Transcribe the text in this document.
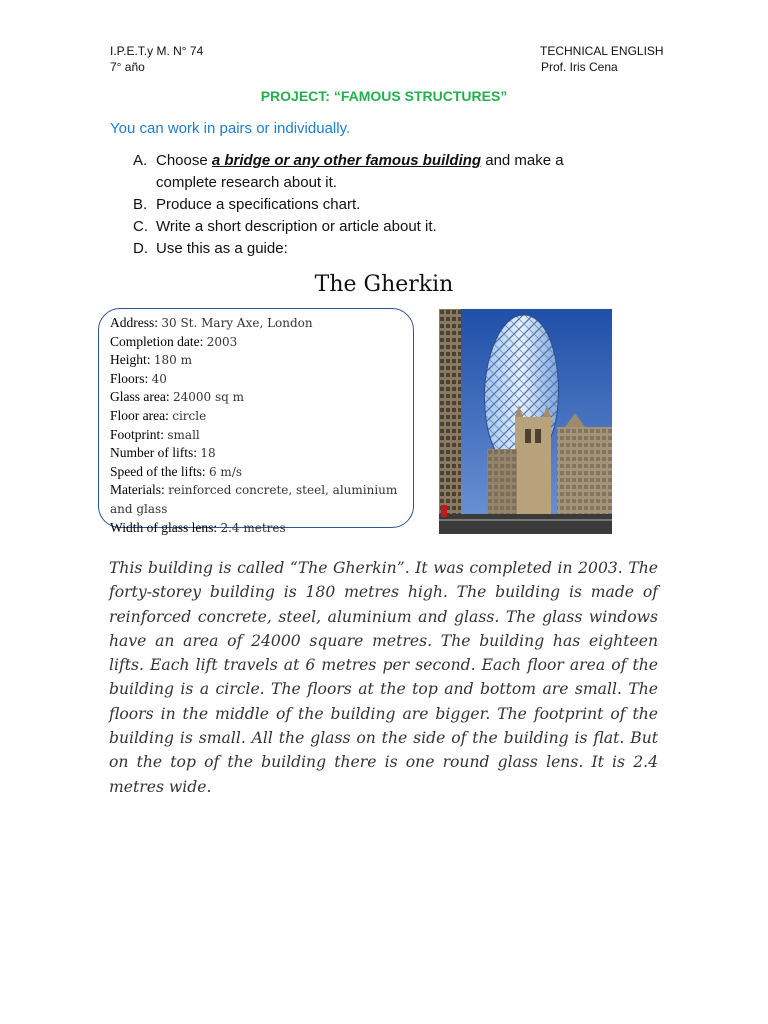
I.P.E.T.y M. N° 74
7° año
TECHNICAL ENGLISH
Prof. Iris Cena
PROJECT: “FAMOUS STRUCTURES”
You can work in pairs or individually.
A. Choose a bridge or any other famous building and make a complete research about it.
B. Produce a specifications chart.
C. Write a short description or article about it.
D. Use this as a guide:
The Gherkin
Address: 30 St. Mary Axe, London
Completion date: 2003
Height: 180 m
Floors: 40
Glass area: 24000 sq m
Floor area: circle
Footprint: small
Number of lifts: 18
Speed of the lifts: 6 m/s
Materials: reinforced concrete, steel, aluminium and glass
Width of glass lens: 2.4 metres

This building is called “The Gherkin”. It was completed in 2003. The forty-storey building is 180 metres high. The building is made of reinforced concrete, steel, aluminium and glass. The glass windows have an area of 24000 square metres. The building has eighteen lifts. Each lift travels at 6 metres per second. Each floor area of the building is a circle. The floors at the top and bottom are small. The floors in the middle of the building are bigger. The footprint of the building is small. All the glass on the side of the building is flat. But on the top of the building there is one round glass lens. It is 2.4 metres wide.
